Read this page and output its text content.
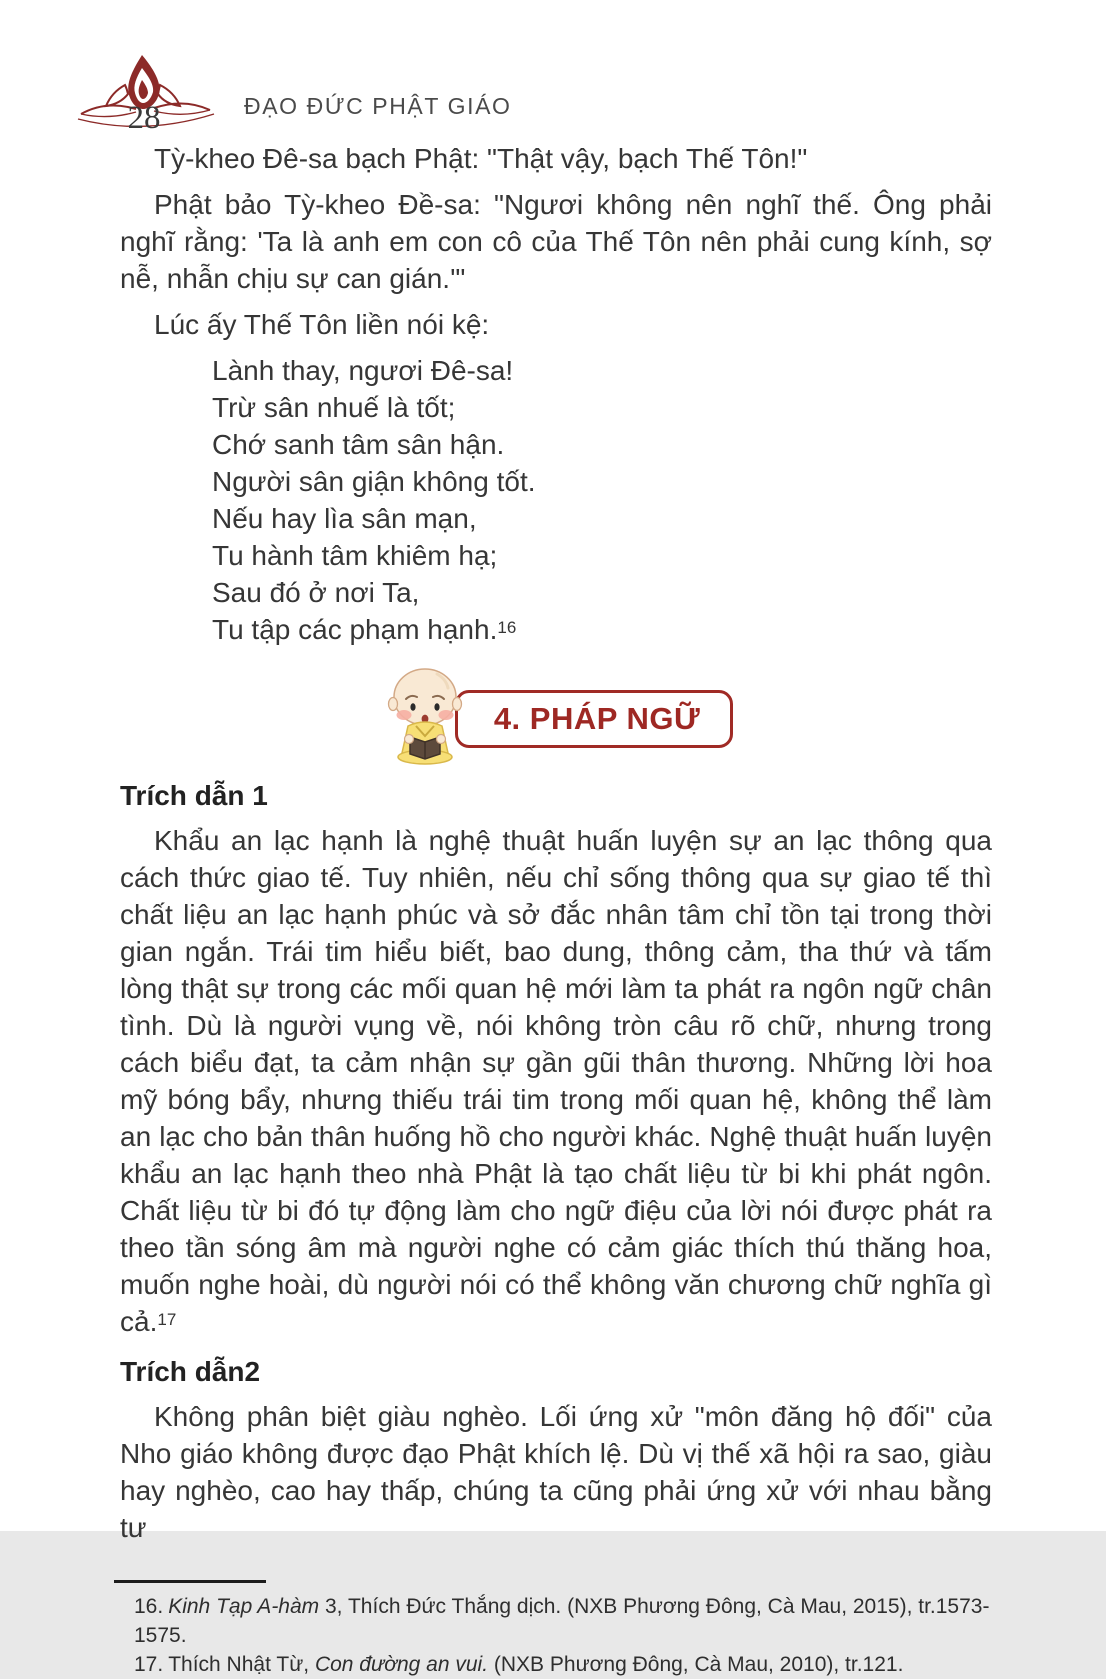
28	ĐẠO ĐỨC PHẬT GIÁO

Tỳ-kheo Đê-sa bạch Phật: "Thật vậy, bạch Thế Tôn!"

Phật bảo Tỳ-kheo Đề-sa: "Ngươi không nên nghĩ thế. Ông phải nghĩ rằng: 'Ta là anh em con cô của Thế Tôn nên phải cung kính, sợ nễ, nhẫn chịu sự can gián.'"

Lúc ấy Thế Tôn liền nói kệ:

Lành thay, ngươi Đê-sa!
Trừ sân nhuế là tốt;
Chớ sanh tâm sân hận.
Người sân giận không tốt.
Nếu hay lìa sân mạn,
Tu hành tâm khiêm hạ;
Sau đó ở nơi Ta,
Tu tập các phạm hạnh.$^{16}$
4. PHÁP NGỮ
Trích dẫn 1

Khẩu an lạc hạnh là nghệ thuật huấn luyện sự an lạc thông qua cách thức giao tế. Tuy nhiên, nếu chỉ sống thông qua sự giao tế thì chất liệu an lạc hạnh phúc và sở đắc nhân tâm chỉ tồn tại trong thời gian ngắn. Trái tim hiểu biết, bao dung, thông cảm, tha thứ và tấm lòng thật sự trong các mối quan hệ mới làm ta phát ra ngôn ngữ chân tình. Dù là người vụng về, nói không tròn câu rõ chữ, nhưng trong cách biểu đạt, ta cảm nhận sự gần gũi thân thương. Những lời hoa mỹ bóng bẩy, nhưng thiếu trái tim trong mối quan hệ, không thể làm an lạc cho bản thân huống hồ cho người khác. Nghệ thuật huấn luyện khẩu an lạc hạnh theo nhà Phật là tạo chất liệu từ bi khi phát ngôn. Chất liệu từ bi đó tự động làm cho ngữ điệu của lời nói được phát ra theo tần sóng âm mà người nghe có cảm giác thích thú thăng hoa, muốn nghe hoài, dù người nói có thể không văn chương chữ nghĩa gì cả.$^{17}$

Trích dẫn2

Không phân biệt giàu nghèo. Lối ứng xử "môn đăng hộ đối" của Nho giáo không được đạo Phật khích lệ. Dù vị thế xã hội ra sao, giàu hay nghèo, cao hay thấp, chúng ta cũng phải ứng xử với nhau bằng tư

16. Kinh Tạp A-hàm 3, Thích Đức Thắng dịch. (NXB Phương Đông, Cà Mau, 2015), tr.1573-1575.
17. Thích Nhật Từ, Con đường an vui. (NXB Phương Đông, Cà Mau, 2010), tr.121.
